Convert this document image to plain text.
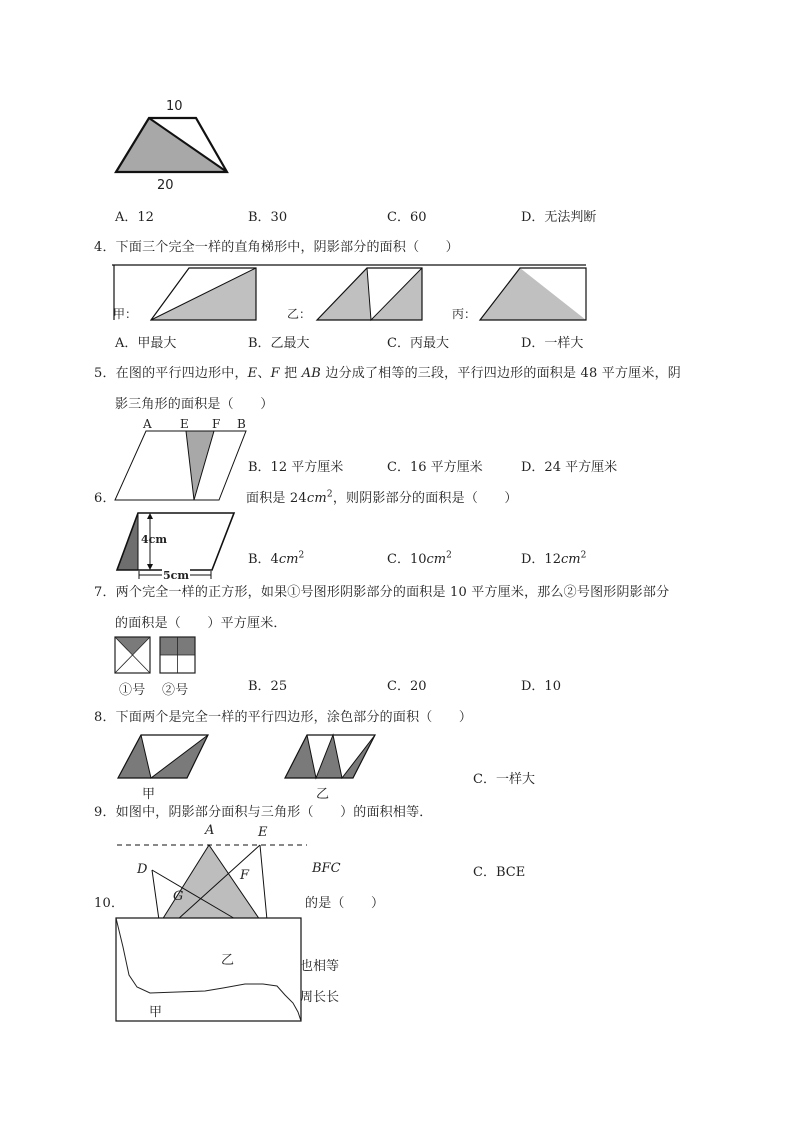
10
20
A．12	B．30	C．60	D．无法判断
4．下面三个完全一样的直角梯形中，阴影部分的面积（　　）
甲：	乙：	丙：
A．甲最大	B．乙最大	C．丙最大	D．一样大
5．在图的平行四边形中，E、F 把 AB 边分成了相等的三段，平行四边形的面积是 48 平方厘米，阴
影三角形的面积是（　　）
A E F B
B．12 平方厘米	C．16 平方厘米	D．24 平方厘米
6．	面积是 $24cm^2$，则阴影部分的面积是（　　）
4cm
5cm
B．$4cm^2$	C．$10cm^2$	D．$12cm^2$
7．两个完全一样的正方形，如果①号图形阴影部分的面积是 10 平方厘米，那么②号图形阴影部分
的面积是（　　）平方厘米．
①号 ②号	B．25	C．20	D．10
8．下面两个是完全一样的平行四边形，涂色部分的面积（　　）
甲	乙
C．一样大
9．如图中，阴影部分面积与三角形（　　）的面积相等．
A	E
D	F
G
BFC	C．BCE
10．	的是（　　）
乙
甲
也相等
周长长
